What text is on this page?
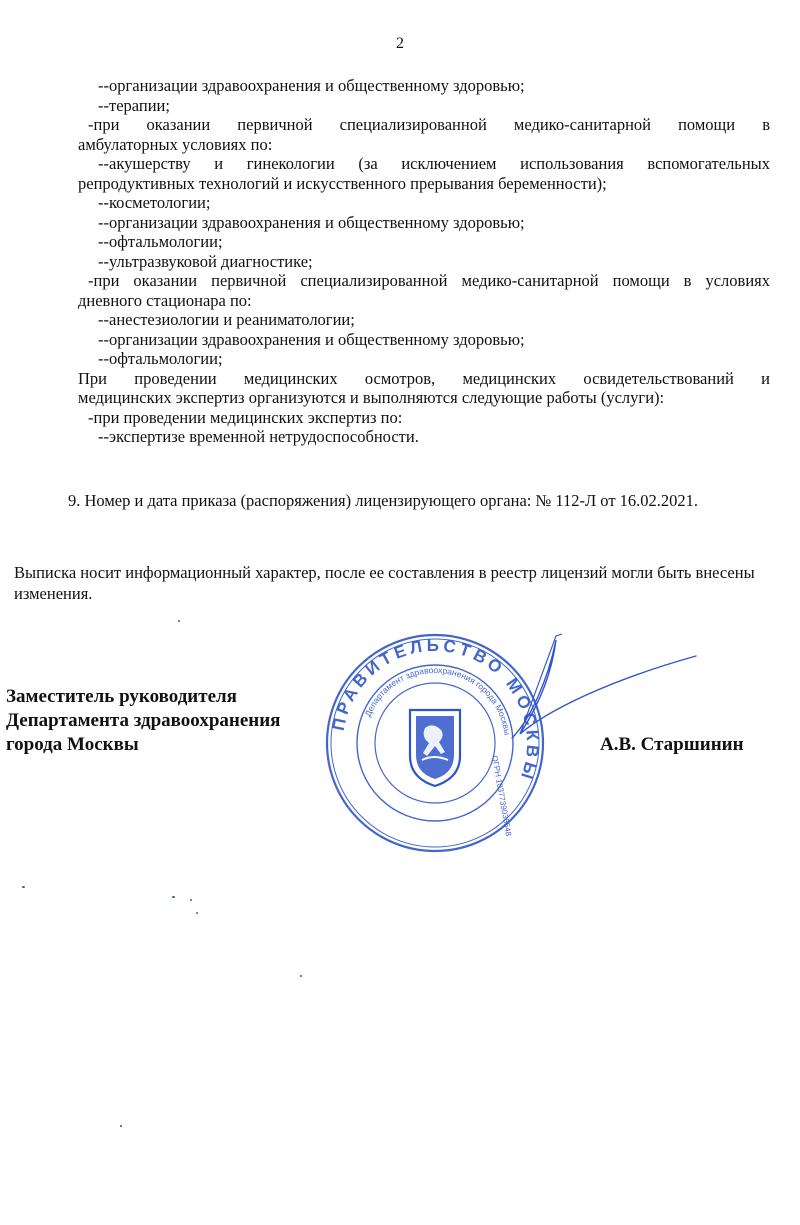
2

--организации здравоохранения и общественному здоровью;

--терапии;

-при оказании первичной специализированной медико-санитарной помощи в

амбулаторных условиях по:

--акушерству и гинекологии (за исключением использования вспомогательных

репродуктивных технологий и искусственного прерывания беременности);

--косметологии;

--организации здравоохранения и общественному здоровью;

--офтальмологии;

--ультразвуковой диагностике;

-при оказании первичной специализированной медико-санитарной помощи в условиях

дневного стационара по:

--анестезиологии и реаниматологии;

--организации здравоохранения и общественному здоровью;

--офтальмологии;

При проведении медицинских осмотров, медицинских освидетельствований и

медицинских экспертиз организуются и выполняются следующие работы (услуги):

-при проведении медицинских экспертиз по:

--экспертизе временной нетрудоспособности.

9. Номер и дата приказа (распоряжения) лицензирующего органа: № 112-Л от 16.02.2021.
Выписка носит информационный характер, после ее составления в реестр лицензий могли быть внесены изменения.
Заместитель руководителя
Департамента здравоохранения
города Москвы	А.В. Старшинин
ПРАВИТЕЛЬСТВО МОСКВЫ
Департамент здравоохранения города Москвы
ОГРН 1037739035548
